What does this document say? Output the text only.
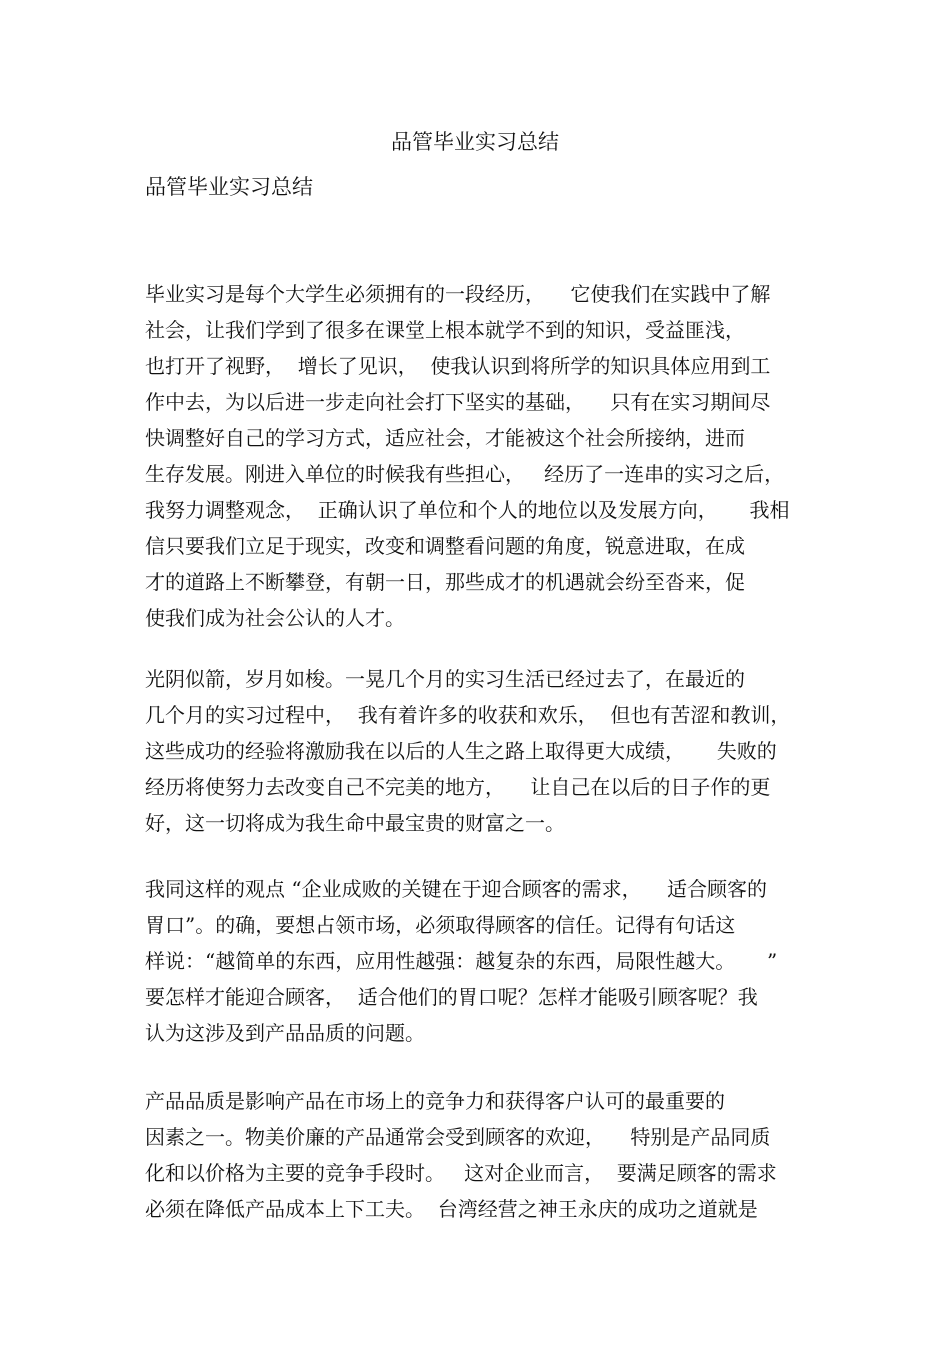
品管毕业实习总结
品管毕业实习总结
毕业实习是每个大学生必须拥有的一段经历，    它使我们在实践中了解
社会，让我们学到了很多在课堂上根本就学不到的知识，受益匪浅，
也打开了视野，  增长了见识，  使我认识到将所学的知识具体应用到工
作中去，为以后进一步走向社会打下坚实的基础，    只有在实习期间尽
快调整好自己的学习方式，适应社会，才能被这个社会所接纳，进而
生存发展。刚进入单位的时候我有些担心，   经历了一连串的实习之后，
我努力调整观念，  正确认识了单位和个人的地位以及发展方向，     我相
信只要我们立足于现实，改变和调整看问题的角度，锐意进取，在成
才的道路上不断攀登，有朝一日，那些成才的机遇就会纷至沓来，促
使我们成为社会公认的人才。
光阴似箭，岁月如梭。一晃几个月的实习生活已经过去了，在最近的
几个月的实习过程中，  我有着许多的收获和欢乐，  但也有苦涩和教训，
这些成功的经验将激励我在以后的人生之路上取得更大成绩，     失败的
经历将使努力去改变自己不完美的地方，    让自己在以后的日子作的更
好，这一切将成为我生命中最宝贵的财富之一。
我同这样的观点 “企业成败的关键在于迎合顾客的需求，    适合顾客的
胃口”。的确，要想占领市场，必须取得顾客的信任。记得有句话这
样说：“越简单的东西，应用性越强：越复杂的东西，局限性越大。     ”
要怎样才能迎合顾客，  适合他们的胃口呢？怎样才能吸引顾客呢？我
认为这涉及到产品品质的问题。
产品品质是影响产品在市场上的竞争力和获得客户认可的最重要的
因素之一。物美价廉的产品通常会受到顾客的欢迎，    特别是产品同质
化和以价格为主要的竞争手段时。   这对企业而言，  要满足顾客的需求
必须在降低产品成本上下工夫。  台湾经营之神王永庆的成功之道就是
